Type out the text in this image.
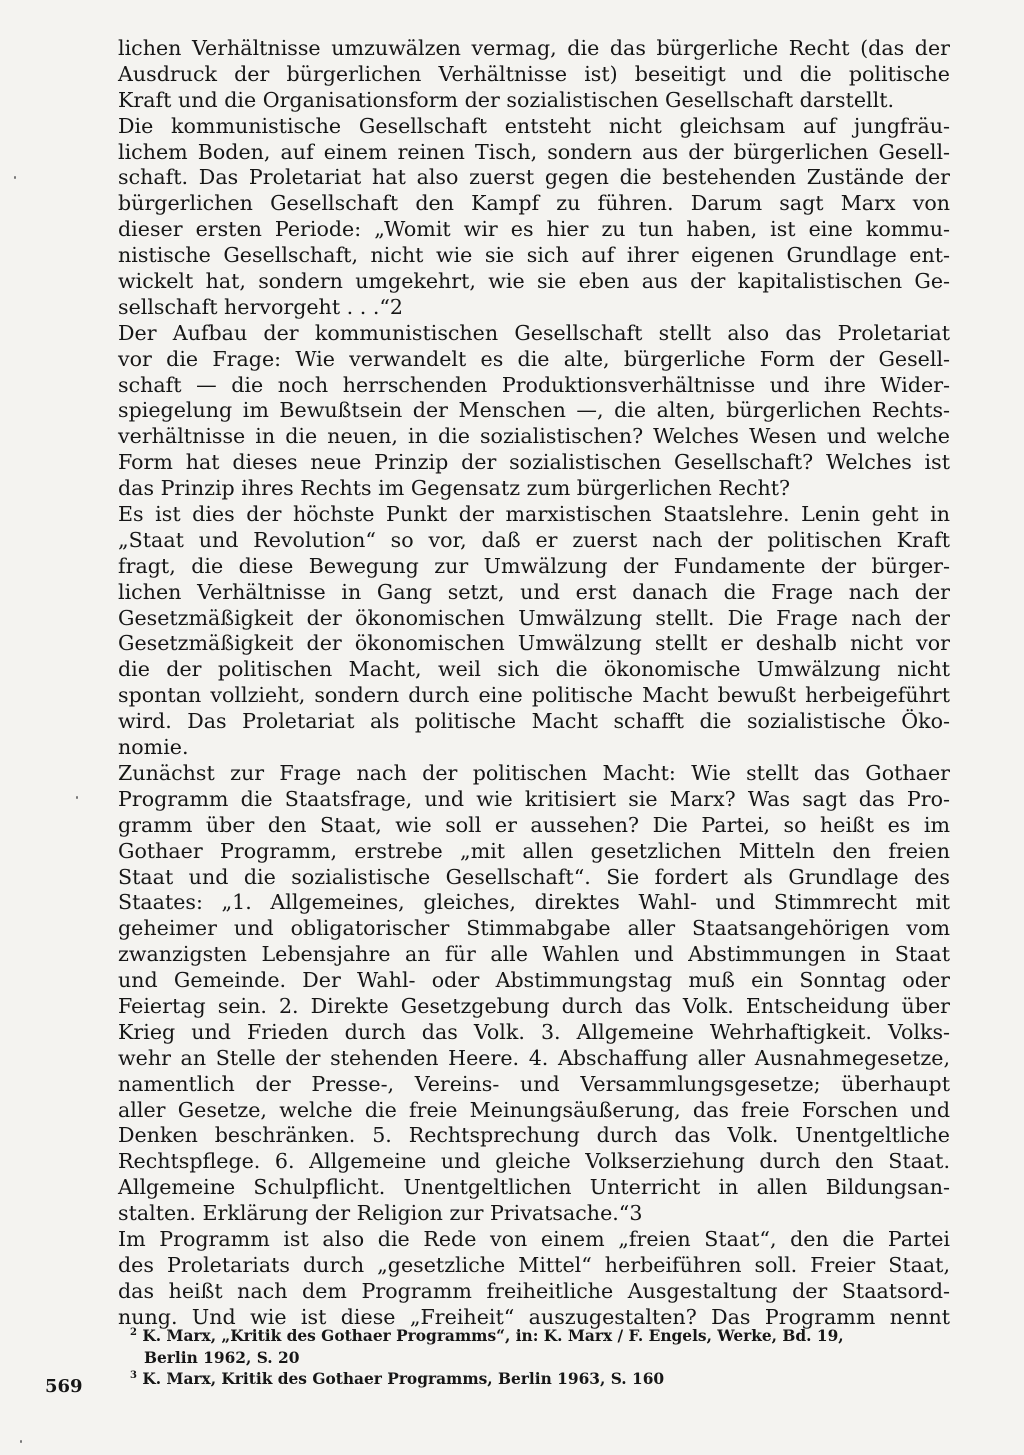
lichen Verhältnisse umzuwälzen vermag, die das bürgerliche Recht (das der
Ausdruck der bürgerlichen Verhältnisse ist) beseitigt und die politische
Kraft und die Organisationsform der sozialistischen Gesellschaft darstellt.
Die kommunistische Gesellschaft entsteht nicht gleichsam auf jungfräu-
lichem Boden, auf einem reinen Tisch, sondern aus der bürgerlichen Gesell-
schaft. Das Proletariat hat also zuerst gegen die bestehenden Zustände der
bürgerlichen Gesellschaft den Kampf zu führen. Darum sagt Marx von
dieser ersten Periode: „Womit wir es hier zu tun haben, ist eine kommu-
nistische Gesellschaft, nicht wie sie sich auf ihrer eigenen Grundlage ent-
wickelt hat, sondern umgekehrt, wie sie eben aus der kapitalistischen Ge-
sellschaft hervorgeht . . .“2
Der Aufbau der kommunistischen Gesellschaft stellt also das Proletariat
vor die Frage: Wie verwandelt es die alte, bürgerliche Form der Gesell-
schaft — die noch herrschenden Produktionsverhältnisse und ihre Wider-
spiegelung im Bewußtsein der Menschen —, die alten, bürgerlichen Rechts-
verhältnisse in die neuen, in die sozialistischen? Welches Wesen und welche
Form hat dieses neue Prinzip der sozialistischen Gesellschaft? Welches ist
das Prinzip ihres Rechts im Gegensatz zum bürgerlichen Recht?
Es ist dies der höchste Punkt der marxistischen Staatslehre. Lenin geht in
„Staat und Revolution“ so vor, daß er zuerst nach der politischen Kraft
fragt, die diese Bewegung zur Umwälzung der Fundamente der bürger-
lichen Verhältnisse in Gang setzt, und erst danach die Frage nach der
Gesetzmäßigkeit der ökonomischen Umwälzung stellt. Die Frage nach der
Gesetzmäßigkeit der ökonomischen Umwälzung stellt er deshalb nicht vor
die der politischen Macht, weil sich die ökonomische Umwälzung nicht
spontan vollzieht, sondern durch eine politische Macht bewußt herbeigeführt
wird. Das Proletariat als politische Macht schafft die sozialistische Öko-
nomie.
Zunächst zur Frage nach der politischen Macht: Wie stellt das Gothaer
Programm die Staatsfrage, und wie kritisiert sie Marx? Was sagt das Pro-
gramm über den Staat, wie soll er aussehen? Die Partei, so heißt es im
Gothaer Programm, erstrebe „mit allen gesetzlichen Mitteln den freien
Staat und die sozialistische Gesellschaft“. Sie fordert als Grundlage des
Staates: „1. Allgemeines, gleiches, direktes Wahl- und Stimmrecht mit
geheimer und obligatorischer Stimmabgabe aller Staatsangehörigen vom
zwanzigsten Lebensjahre an für alle Wahlen und Abstimmungen in Staat
und Gemeinde. Der Wahl- oder Abstimmungstag muß ein Sonntag oder
Feiertag sein. 2. Direkte Gesetzgebung durch das Volk. Entscheidung über
Krieg und Frieden durch das Volk. 3. Allgemeine Wehrhaftigkeit. Volks-
wehr an Stelle der stehenden Heere. 4. Abschaffung aller Ausnahmegesetze,
namentlich der Presse-, Vereins- und Versammlungsgesetze; überhaupt
aller Gesetze, welche die freie Meinungsäußerung, das freie Forschen und
Denken beschränken. 5. Rechtsprechung durch das Volk. Unentgeltliche
Rechtspflege. 6. Allgemeine und gleiche Volkserziehung durch den Staat.
Allgemeine Schulpflicht. Unentgeltlichen Unterricht in allen Bildungsan-
stalten. Erklärung der Religion zur Privatsache.“3
Im Programm ist also die Rede von einem „freien Staat“, den die Partei
des Proletariats durch „gesetzliche Mittel“ herbeiführen soll. Freier Staat,
das heißt nach dem Programm freiheitliche Ausgestaltung der Staatsord-
nung. Und wie ist diese „Freiheit“ auszugestalten? Das Programm nennt
$^2$ K. Marx, „Kritik des Gothaer Programms“, in: K. Marx / F. Engels, Werke, Bd. 19,
Berlin 1962, S. 20
$^3$ K. Marx, Kritik des Gothaer Programms, Berlin 1963, S. 160
569
